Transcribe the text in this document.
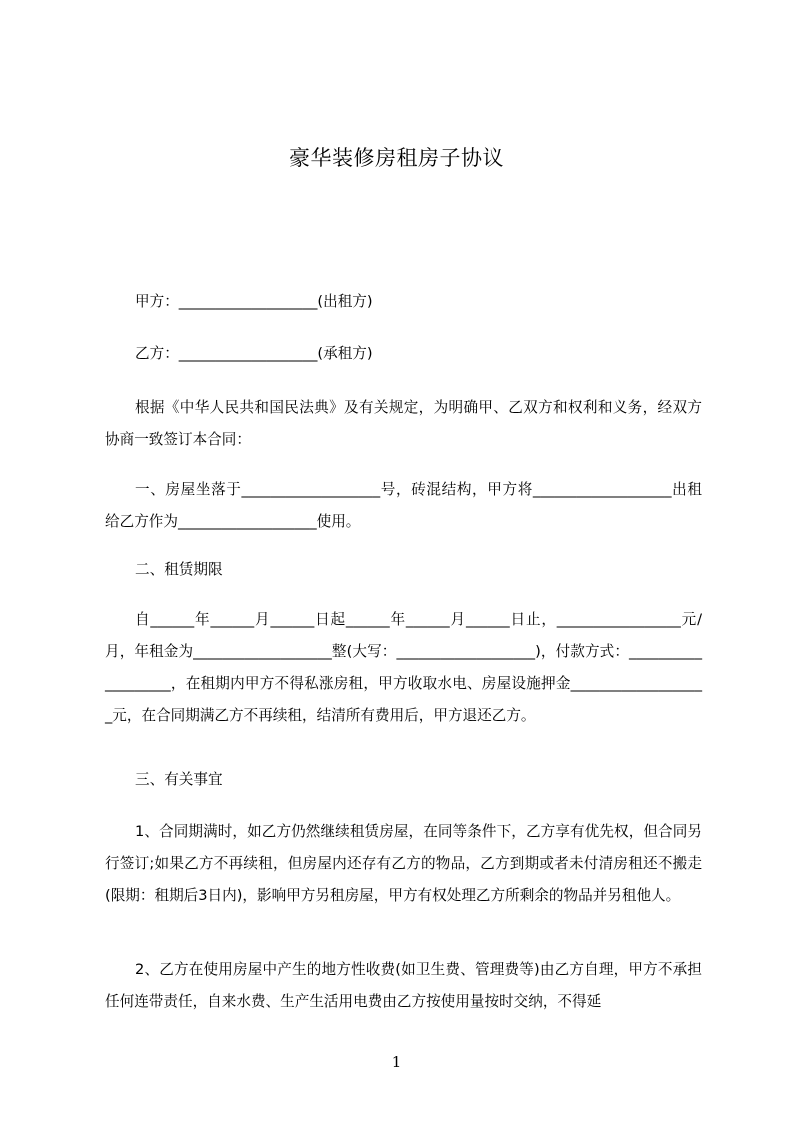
豪华装修房租房子协议

甲方：___________________(出租方)

乙方：___________________(承租方)

根据《中华人民共和国民法典》及有关规定，为明确甲、乙双方和权利和义务，经双方协商一致签订本合同：

一、房屋坐落于___________________号，砖混结构，甲方将___________________出租给乙方作为___________________使用。

二、租赁期限

自______年______月______日起______年______月______日止，_________________元/月，年租金为___________________整(大写：___________________)，付款方式：___________________，在租期内甲方不得私涨房租，甲方收取水电、房屋设施押金___________________元，在合同期满乙方不再续租，结清所有费用后，甲方退还乙方。

三、有关事宜

1、合同期满时，如乙方仍然继续租赁房屋，在同等条件下，乙方享有优先权，但合同另行签订;如果乙方不再续租，但房屋内还存有乙方的物品，乙方到期或者未付清房租还不搬走(限期：租期后3日内)，影响甲方另租房屋，甲方有权处理乙方所剩余的物品并另租他人。

2、乙方在使用房屋中产生的地方性收费(如卫生费、管理费等)由乙方自理，甲方不承担任何连带责任，自来水费、生产生活用电费由乙方按使用量按时交纳，不得延

1
